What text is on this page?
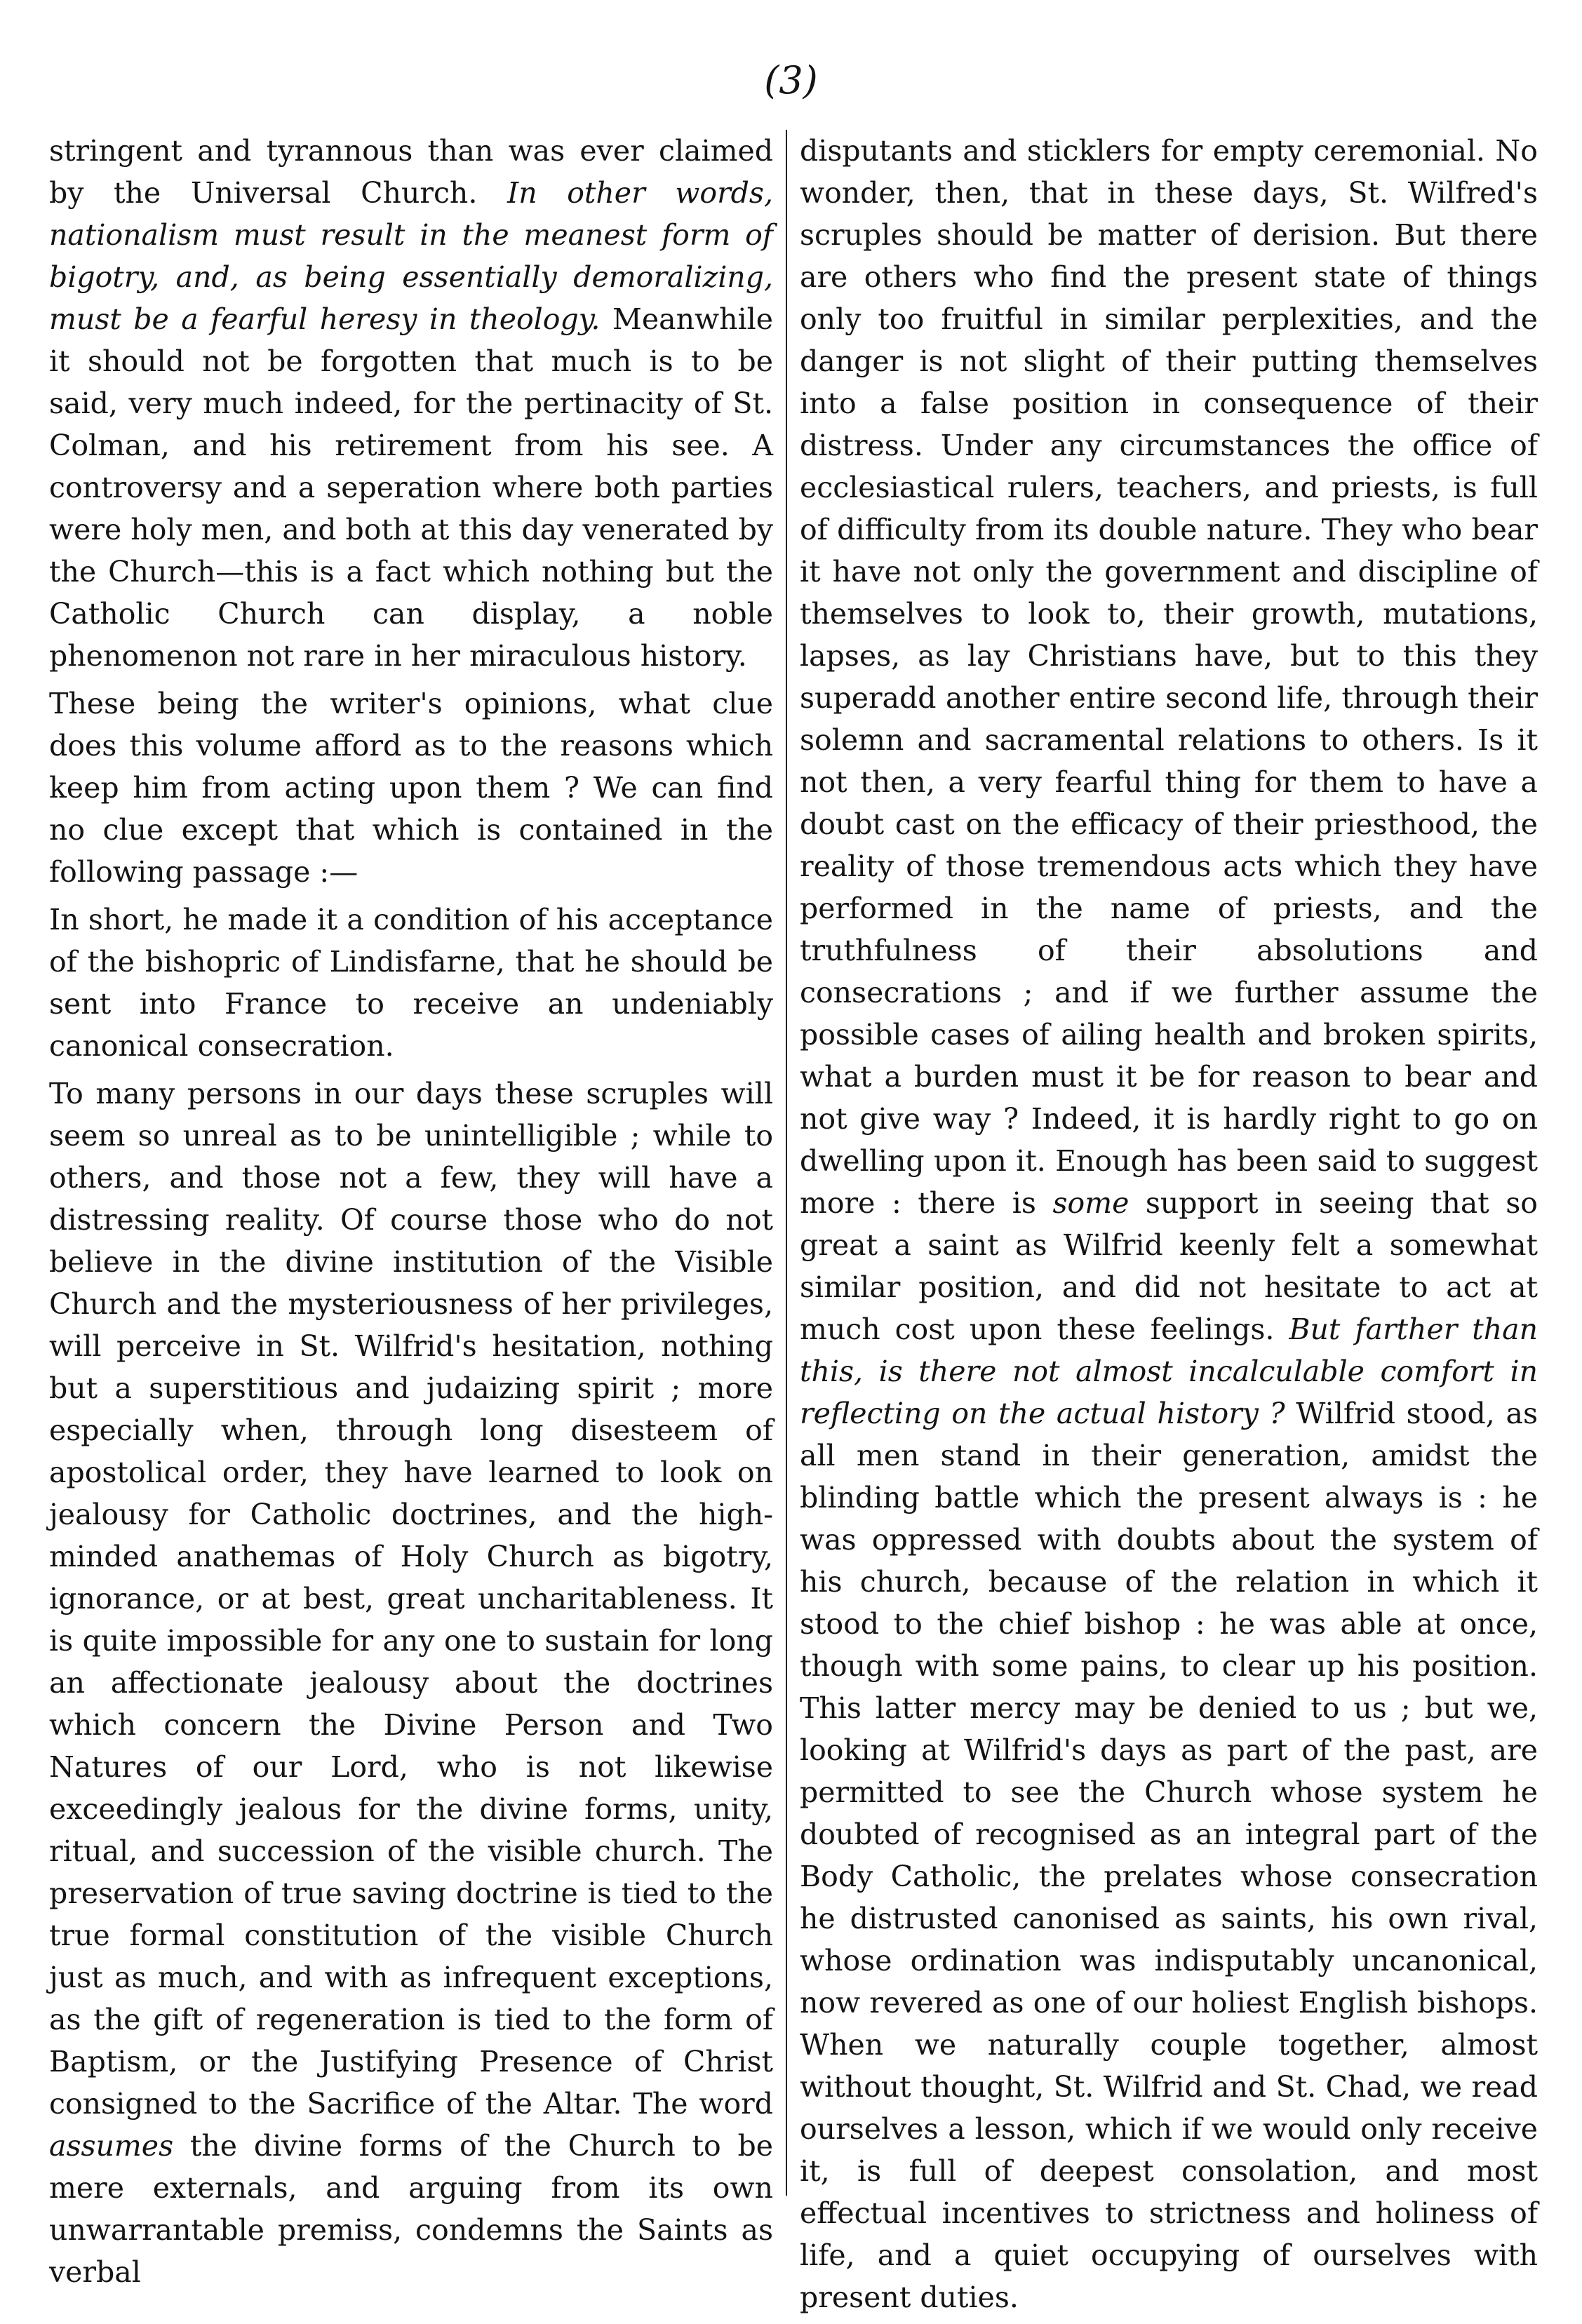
(3)

stringent and tyrannous than was ever claimed by the Universal Church. In other words, nationalism must result in the meanest form of bigotry, and, as being essentially demoralizing, must be a fearful heresy in theology. Meanwhile it should not be forgotten that much is to be said, very much indeed, for the pertinacity of St. Colman, and his retirement from his see. A controversy and a seperation where both parties were holy men, and both at this day venerated by the Church—this is a fact which nothing but the Catholic Church can display, a noble phenomenon not rare in her miraculous history.

These being the writer's opinions, what clue does this volume afford as to the reasons which keep him from acting upon them ? We can find no clue except that which is contained in the following passage :—

In short, he made it a condition of his acceptance of the bishopric of Lindisfarne, that he should be sent into France to receive an undeniably canonical consecration.

To many persons in our days these scruples will seem so unreal as to be unintelligible ; while to others, and those not a few, they will have a distressing reality. Of course those who do not believe in the divine institution of the Visible Church and the mysteriousness of her privileges, will perceive in St. Wilfrid's hesitation, nothing but a superstitious and judaizing spirit ; more especially when, through long disesteem of apostolical order, they have learned to look on jealousy for Catholic doctrines, and the high-minded anathemas of Holy Church as bigotry, ignorance, or at best, great uncharitableness. It is quite impossible for any one to sustain for long an affectionate jealousy about the doctrines which concern the Divine Person and Two Natures of our Lord, who is not likewise exceedingly jealous for the divine forms, unity, ritual, and succession of the visible church. The preservation of true saving doctrine is tied to the true formal constitution of the visible Church just as much, and with as infrequent exceptions, as the gift of regeneration is tied to the form of Baptism, or the Justifying Presence of Christ consigned to the Sacrifice of the Altar. The word assumes the divine forms of the Church to be mere externals, and arguing from its own unwarrantable premiss, condemns the Saints as verbal

disputants and sticklers for empty ceremonial. No wonder, then, that in these days, St. Wilfred's scruples should be matter of derision. But there are others who find the present state of things only too fruitful in similar perplexities, and the danger is not slight of their putting themselves into a false position in consequence of their distress. Under any circumstances the office of ecclesiastical rulers, teachers, and priests, is full of difficulty from its double nature. They who bear it have not only the government and discipline of themselves to look to, their growth, mutations, lapses, as lay Christians have, but to this they superadd another entire second life, through their solemn and sacramental relations to others. Is it not then, a very fearful thing for them to have a doubt cast on the efficacy of their priesthood, the reality of those tremendous acts which they have performed in the name of priests, and the truthfulness of their absolutions and consecrations ; and if we further assume the possible cases of ailing health and broken spirits, what a burden must it be for reason to bear and not give way ? Indeed, it is hardly right to go on dwelling upon it. Enough has been said to suggest more : there is some support in seeing that so great a saint as Wilfrid keenly felt a somewhat similar position, and did not hesitate to act at much cost upon these feelings. But farther than this, is there not almost incalculable comfort in reflecting on the actual history ? Wilfrid stood, as all men stand in their generation, amidst the blinding battle which the present always is : he was oppressed with doubts about the system of his church, because of the relation in which it stood to the chief bishop : he was able at once, though with some pains, to clear up his position. This latter mercy may be denied to us ; but we, looking at Wilfrid's days as part of the past, are permitted to see the Church whose system he doubted of recognised as an integral part of the Body Catholic, the prelates whose consecration he distrusted canonised as saints, his own rival, whose ordination was indisputably uncanonical, now revered as one of our holiest English bishops. When we naturally couple together, almost without thought, St. Wilfrid and St. Chad, we read ourselves a lesson, which if we would only receive it, is full of deepest consolation, and most effectual incentives to strictness and holiness of life, and a quiet occupying of ourselves with present duties.
